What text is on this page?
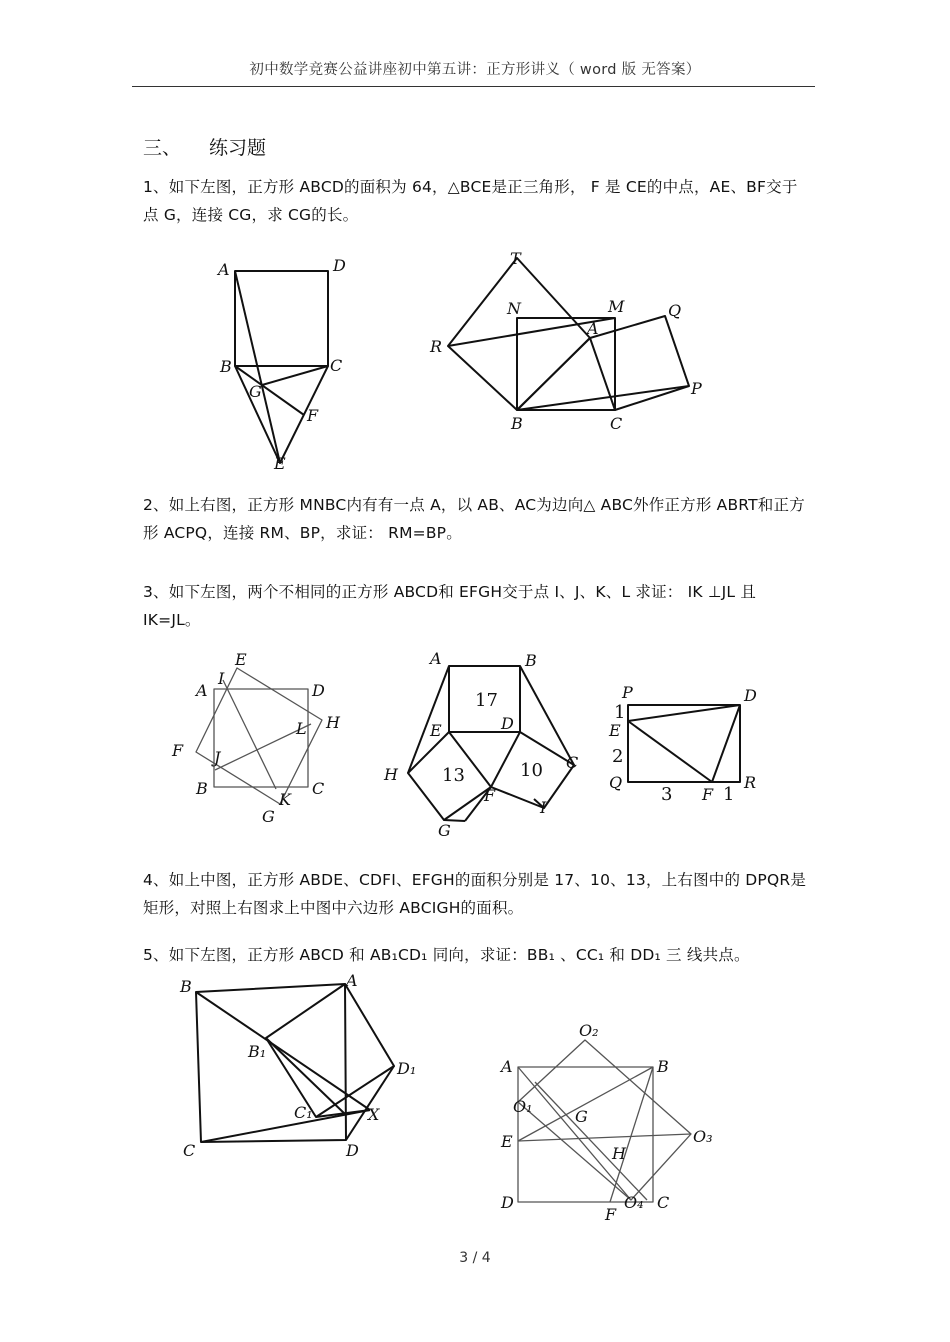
初中数学竞赛公益讲座初中第五讲：正方形讲义（ word 版 无答案）
三、 练习题
1、如下左图，正方形 ABCD的面积为 64，△BCE是正三角形， F 是 CE的中点，AE、BF交于点 G，连接 CG，求 CG的长。
A	D
B	C
G
F
E
T
N	M	Q
A
R
P
B	C
2、如上右图，正方形 MNBC内有有一点 A，以 AB、AC为边向△ ABC外作正方形 ABRT和正方形 ACPQ，连接 RM、BP，求证： RM=BP。
3、如下左图，两个不相同的正方形 ABCD和 EFGH交于点 I、J、K、L 求证： IK ⊥JL 且 IK=JL。
E
A
I
D
H
L
F J
B
K
C
G
A	B
17
E	D
13	10
H
F
C
I
G
P	D
1
E
2
Q
3 F 1
R
4、如上中图，正方形 ABDE、CDFI、EFGH的面积分别是 17、10、13，上右图中的 DPQR是矩形，对照上右图求上中图中六边形 ABCIGH的面积。
5、如下左图，正方形 ABCD 和 AB₁CD₁ 同向，求证：BB₁ 、CC₁ 和 DD₁ 三 线共点。
B	A
B₁
D₁
C₁	X
C	D
O₂
A	B
O₁
G
O₃
E
H
D	O₄ C
F
3 / 4
